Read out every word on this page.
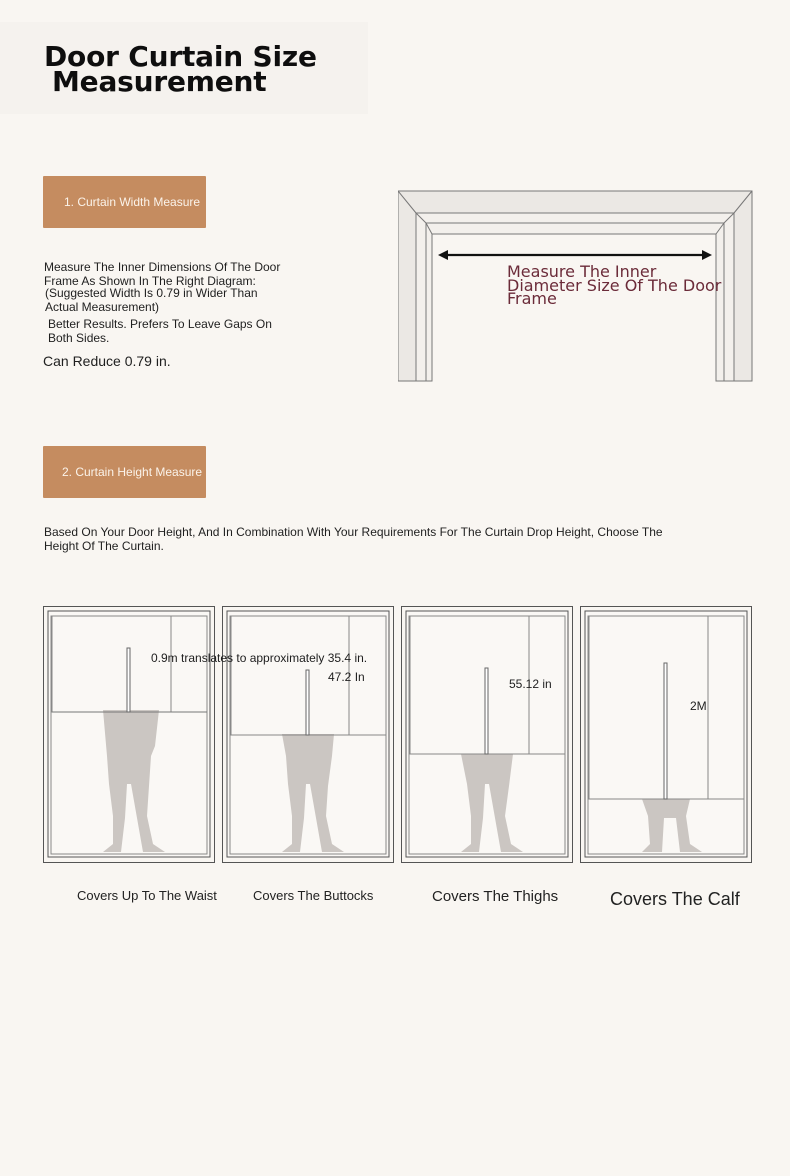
Door Curtain Size
Measurement
1. Curtain Width Measure
Measure The Inner Dimensions Of The Door Frame As Shown In The Right Diagram:
(Suggested Width Is 0.79 in Wider Than Actual Measurement)
Better Results. Prefers To Leave Gaps On Both Sides.
Can Reduce 0.79 in.
Measure The Inner Diameter Size Of The Door Frame
2. Curtain Height Measure
Based On Your Door Height, And In Combination With Your Requirements For The Curtain Drop Height, Choose The Height Of The Curtain.
0.9m translates to approximately 35.4 in.
47.2 In	55.12 in
2M
Covers Up To The Waist	Covers The Buttocks	Covers The Thighs	Covers The Calf
